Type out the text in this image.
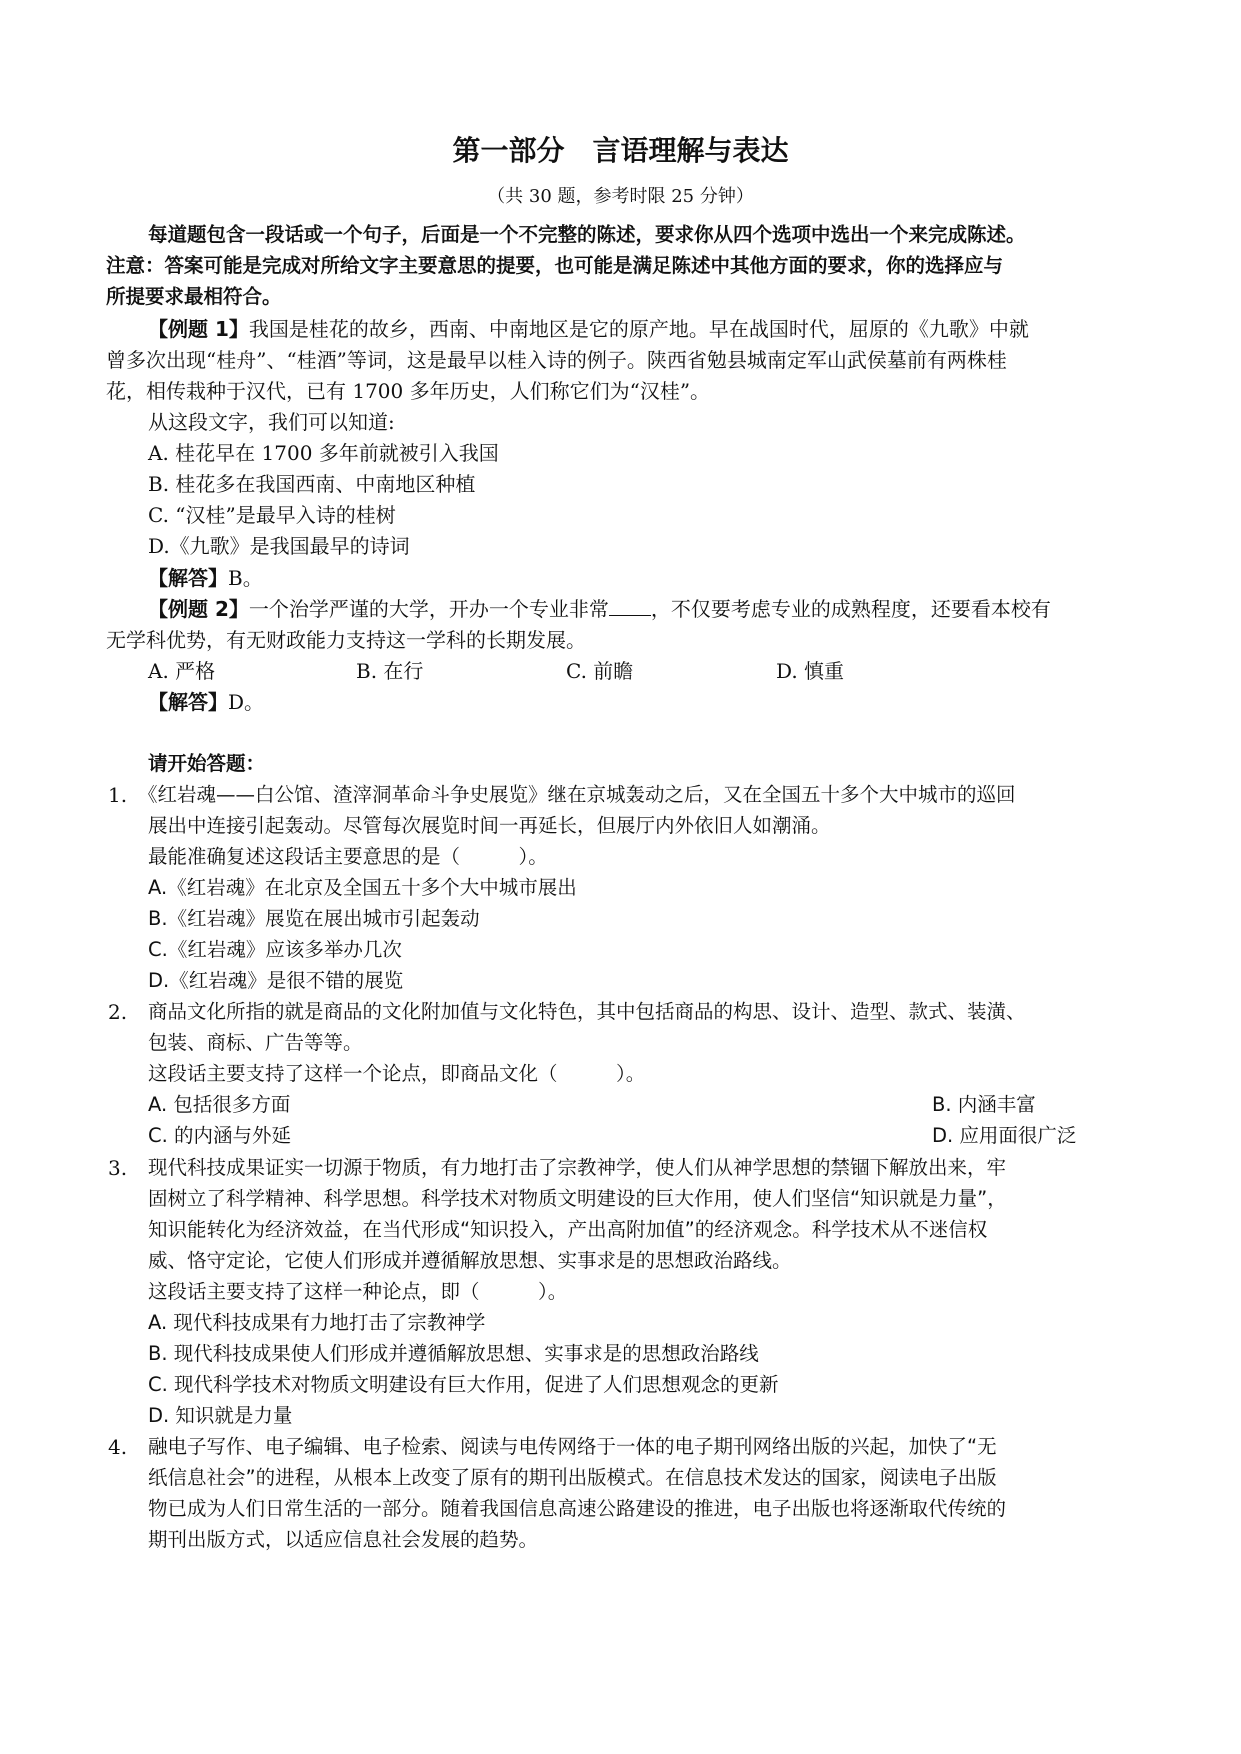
第一部分　言语理解与表达
（共 30 题，参考时限 25 分钟）
每道题包含一段话或一个句子，后面是一个不完整的陈述，要求你从四个选项中选出一个来完成陈述。
注意：答案可能是完成对所给文字主要意思的提要，也可能是满足陈述中其他方面的要求，你的选择应与
所提要求最相符合。
【例题 1】我国是桂花的故乡，西南、中南地区是它的原产地。早在战国时代，屈原的《九歌》中就
曾多次出现“桂舟”、“桂酒”等词，这是最早以桂入诗的例子。陕西省勉县城南定军山武侯墓前有两株桂
花，相传栽种于汉代，已有 1700 多年历史，人们称它们为“汉桂”。
从这段文字，我们可以知道:
A. 桂花早在 1700 多年前就被引入我国
B. 桂花多在我国西南、中南地区种植
C. “汉桂”是最早入诗的桂树
D.《九歌》是我国最早的诗词
【解答】B。
【例题 2】一个治学严谨的大学，开办一个专业非常 ，不仅要考虑专业的成熟程度，还要看本校有
无学科优势，有无财政能力支持这一学科的长期发展。
A. 严格	B. 在行	C. 前瞻	D. 慎重
【解答】D。
请开始答题：
1. 《红岩魂——白公馆、渣滓洞革命斗争史展览》继在京城轰动之后，又在全国五十多个大中城市的巡回
展出中连接引起轰动。尽管每次展览时间一再延长，但展厅内外依旧人如潮涌。
最能准确复述这段话主要意思的是（　　　）。
A.《红岩魂》在北京及全国五十多个大中城市展出
B.《红岩魂》展览在展出城市引起轰动
C.《红岩魂》应该多举办几次
D.《红岩魂》是很不错的展览
2. 商品文化所指的就是商品的文化附加值与文化特色，其中包括商品的构思、设计、造型、款式、装潢、
包装、商标、广告等等。
这段话主要支持了这样一个论点，即商品文化（　　　）。
A. 包括很多方面	B. 内涵丰富
C. 的内涵与外延	D. 应用面很广泛
3. 现代科技成果证实一切源于物质，有力地打击了宗教神学，使人们从神学思想的禁锢下解放出来，牢
固树立了科学精神、科学思想。科学技术对物质文明建设的巨大作用，使人们坚信“知识就是力量”，
知识能转化为经济效益，在当代形成“知识投入，产出高附加值”的经济观念。科学技术从不迷信权
威、恪守定论，它使人们形成并遵循解放思想、实事求是的思想政治路线。
这段话主要支持了这样一种论点，即（　　　）。
A. 现代科技成果有力地打击了宗教神学
B. 现代科技成果使人们形成并遵循解放思想、实事求是的思想政治路线
C. 现代科学技术对物质文明建设有巨大作用，促进了人们思想观念的更新
D. 知识就是力量
4. 融电子写作、电子编辑、电子检索、阅读与电传网络于一体的电子期刊网络出版的兴起，加快了“无
纸信息社会”的进程，从根本上改变了原有的期刊出版模式。在信息技术发达的国家，阅读电子出版
物已成为人们日常生活的一部分。随着我国信息高速公路建设的推进，电子出版也将逐渐取代传统的
期刊出版方式，以适应信息社会发展的趋势。
